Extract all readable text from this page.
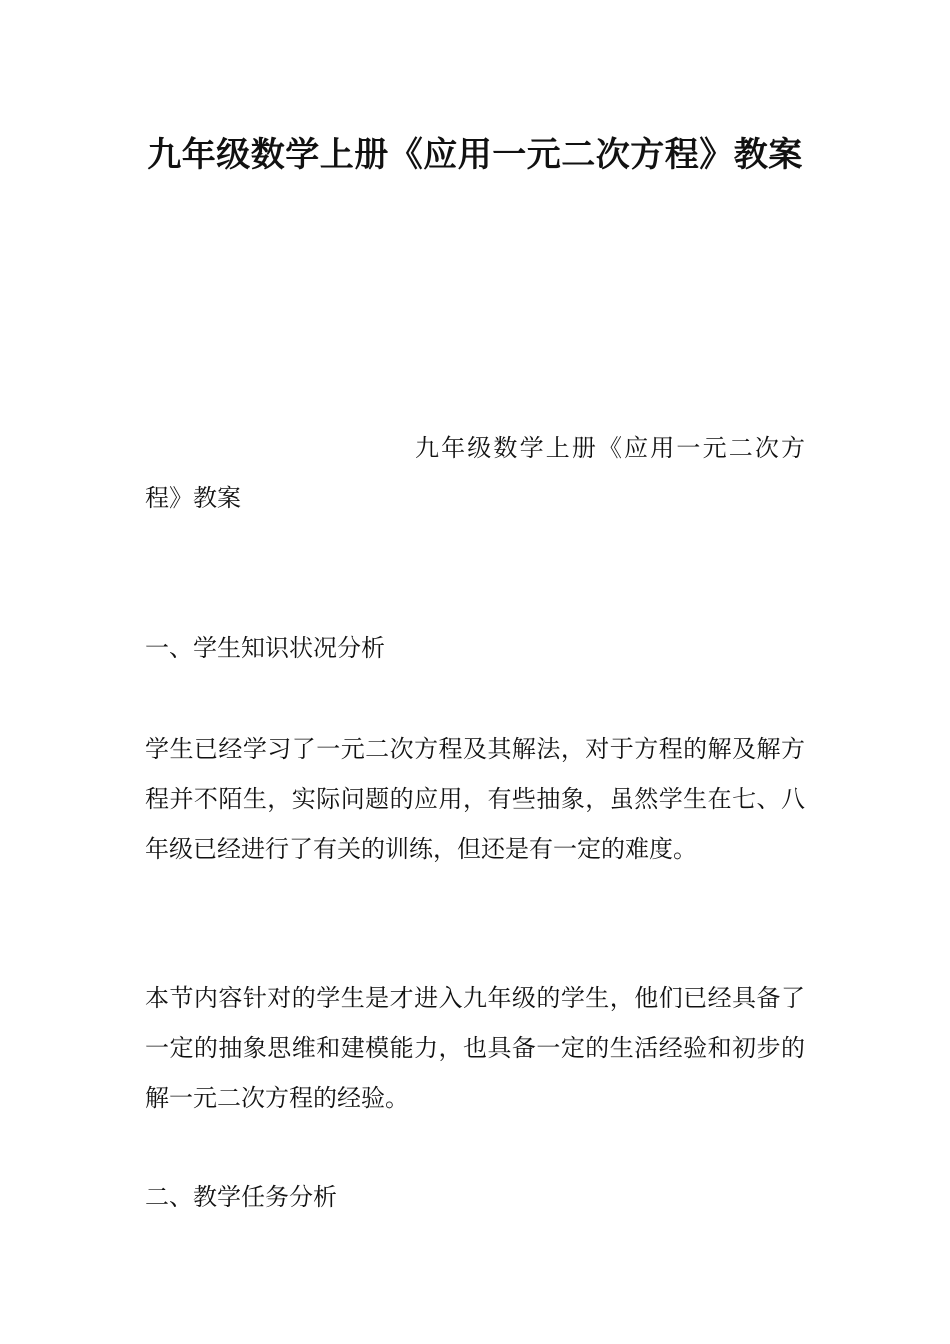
九年级数学上册《应用一元二次方程》教案

九年级数学上册《应用一元二次方程》教案

一、学生知识状况分析

学生已经学习了一元二次方程及其解法，对于方程的解及解方程并不陌生，实际问题的应用，有些抽象，虽然学生在七、八年级已经进行了有关的训练，但还是有一定的难度。

本节内容针对的学生是才进入九年级的学生，他们已经具备了一定的抽象思维和建模能力，也具备一定的生活经验和初步的解一元二次方程的经验。

二、教学任务分析
